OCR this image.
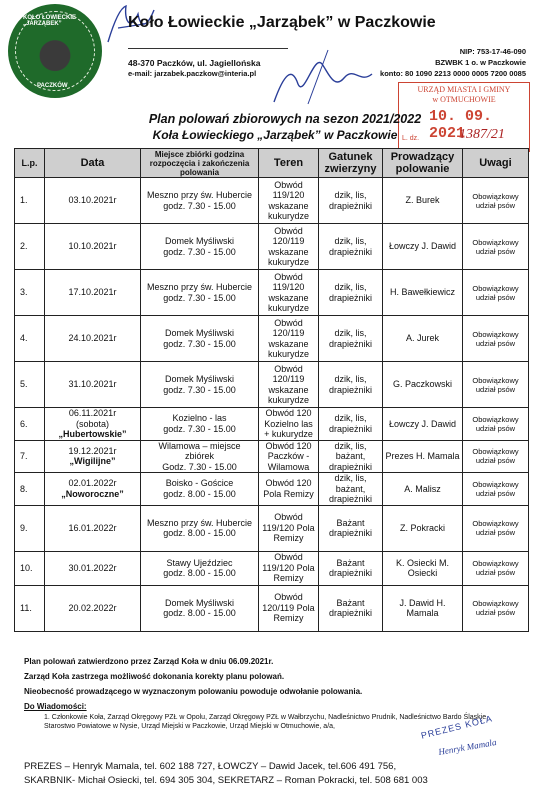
KOŁO ŁOWIECKIE „JARZĄBEK”
PACZKÓW
Koło Łowieckie „Jarząbek” w Paczkowie
48-370 Paczków, ul. Jagiellońska
e-mail: jarzabek.paczkow@interia.pl
NIP: 753-17-46-090
BZWBK 1 o. w Paczkowie
konto: 80 1090 2213 0000 0005 7200 0085
URZĄD MIASTA I GMINY
w OTMUCHOWIE
10. 09. 2021
L. dz.	1387/21
Plan polowań zbiorowych na sezon 2021/2022
Koła Łowieckiego „Jarząbek” w Paczkowie
L.p.	Data	Miejsce zbiórki godzina rozpoczęcia i zakończenia polowania	Teren	Gatunek zwierzyny	Prowadzący polowanie	Uwagi
1.	03.10.2021r	Meszno przy św. Hubercie
godz. 7.30 - 15.00	Obwód 119/120 wskazane kukurydze	dzik, lis, drapieżniki	Z. Burek	Obowiązkowy udział psów
2.	10.10.2021r	Domek Myśliwski
godz. 7.30 - 15.00	Obwód 120/119 wskazane kukurydze	dzik, lis, drapieżniki	Łowczy J. Dawid	Obowiązkowy udział psów
3.	17.10.2021r	Meszno przy św. Hubercie
godz. 7.30 - 15.00	Obwód 119/120 wskazane kukurydze	dzik, lis, drapieżniki	H. Bawełkiewicz	Obowiązkowy udział psów
4.	24.10.2021r	Domek Myśliwski
godz. 7.30 - 15.00	Obwód 120/119 wskazane kukurydze	dzik, lis, drapieżniki	A. Jurek	Obowiązkowy udział psów
5.	31.10.2021r	Domek Myśliwski
godz. 7.30 - 15.00	Obwód 120/119 wskazane kukurydze	dzik, lis, drapieżniki	G. Paczkowski	Obowiązkowy udział psów
6.	06.11.2021r
(sobota)
„Hubertowskie”	Kozielno - las
godz. 7.30 - 15.00	Obwód 120 Kozielno las + kukurydze	dzik, lis, drapieżniki	Łowczy J. Dawid	Obowiązkowy udział psów
7.	19.12.2021r
„Wigilijne”	Wilamowa – miejsce zbiórek
Godz. 7.30 - 15.00	Obwód 120 Paczków - Wilamowa	dzik, lis, bażant, drapieżniki	Prezes H. Mamala	Obowiązkowy udział psów
8.	02.01.2022r
„Noworoczne”	Boisko - Gościce
godz. 8.00 - 15.00	Obwód 120 Pola Remizy	dzik, lis, bażant, drapieżniki	A. Malisz	Obowiązkowy udział psów
9.	16.01.2022r	Meszno przy św. Hubercie
godz. 8.00 - 15.00	Obwód 119/120 Pola Remizy	Bażant drapieżniki	Z. Pokracki	Obowiązkowy udział psów
10.	30.01.2022r	Stawy Ujeździec
godz. 8.00 - 15.00	Obwód 119/120 Pola Remizy	Bażant drapieżniki	K. Osiecki M. Osiecki	Obowiązkowy udział psów
11.	20.02.2022r	Domek Myśliwski
godz. 8.00 - 15.00	Obwód 120/119 Pola Remizy	Bażant drapieżniki	J. Dawid H. Mamala	Obowiązkowy udział psów
Plan polowań zatwierdzono przez Zarząd Koła w dniu 06.09.2021r.
Zarząd Koła zastrzega możliwość dokonania korekty planu polowań.
Nieobecność prowadzącego w wyznaczonym polowaniu powoduje odwołanie polowania.
Do Wiadomości:
1. Członkowie Koła, Zarząd Okręgowy PZŁ w Opolu, Zarząd Okręgowy PZŁ w Wałbrzychu, Nadleśnictwo Prudnik, Nadleśnictwo Bardo Śląskie, Starostwo Powiatowe w Nysie, Urząd Miejski w Paczkowie, Urząd Miejski w Otmuchowie, a/a,	PREZES KOŁA
Henryk Mamala
PREZES – Henryk Mamala, tel. 602 188 727, ŁOWCZY – Dawid Jacek, tel.606 491 756,
SKARBNIK- Michał Osiecki, tel. 694 305 304, SEKRETARZ – Roman Pokracki, tel. 508 681 003
